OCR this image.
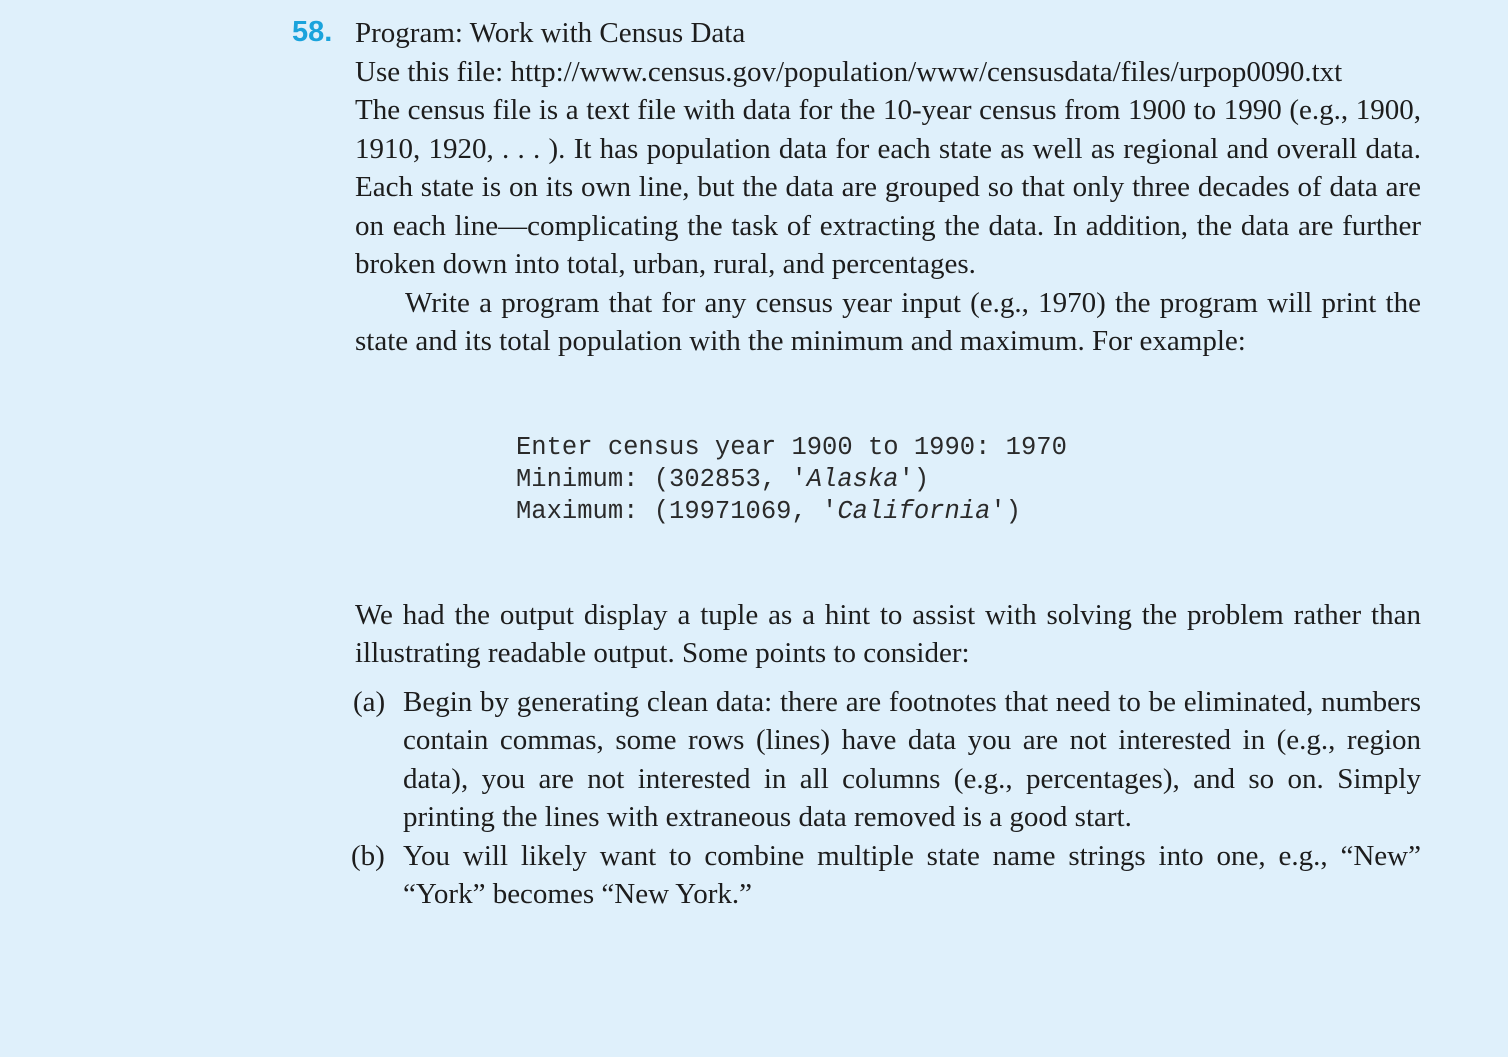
58. Program: Work with Census Data

Use this file: http://www.census.gov/population/www/censusdata/files/urpop0090.txt

The census file is a text file with data for the 10-year census from 1900 to 1990 (e.g., 1900, 1910, 1920, . . . ). It has population data for each state as well as regional and overall data. Each state is on its own line, but the data are grouped so that only three decades of data are on each line—complicating the task of extracting the data. In addition, the data are further broken down into total, urban, rural, and percentages.

Write a program that for any census year input (e.g., 1970) the program will print the state and its total population with the minimum and maximum. For example:

Enter census year 1900 to 1990: 1970
Minimum: (302853, 'Alaska')
Maximum: (19971069, 'California')

We had the output display a tuple as a hint to assist with solving the problem rather than illustrating readable output. Some points to consider:

(a) Begin by generating clean data: there are footnotes that need to be eliminated, numbers contain commas, some rows (lines) have data you are not interested in (e.g., region data), you are not interested in all columns (e.g., percentages), and so on. Simply printing the lines with extraneous data removed is a good start.
(b) You will likely want to combine multiple state name strings into one, e.g., “New” “York” becomes “New York.”
